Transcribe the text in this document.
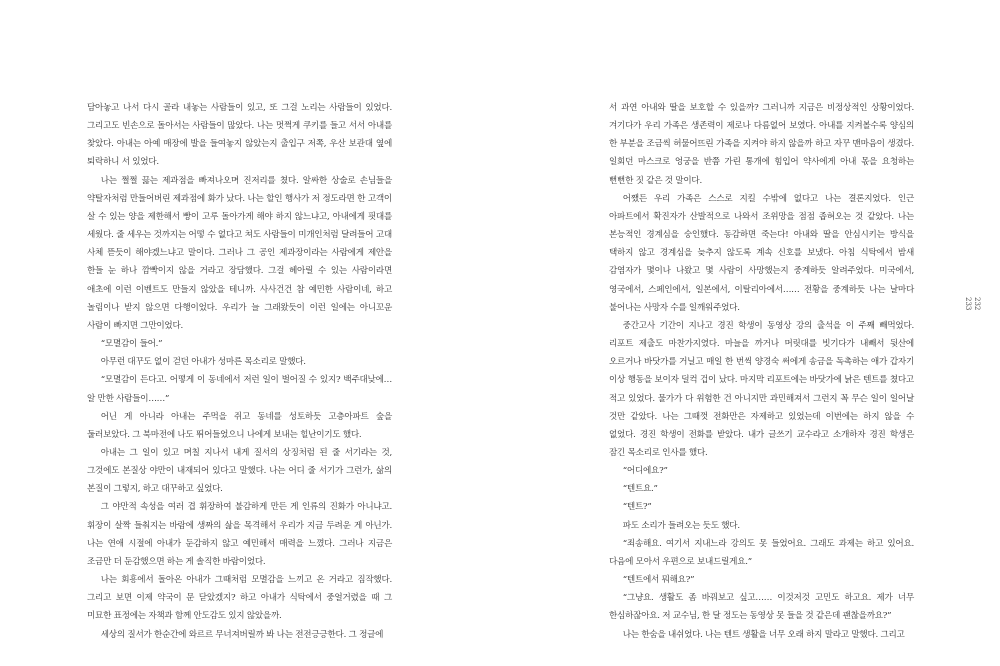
담아놓고 나서 다시 골라 내놓는 사람들이 있고, 또 그걸 노리는 사람들이 있었다. 그리고도 빈손으로 돌아서는 사람들이 많았다. 나는 멋쩍게 쿠키를 들고 서서 아내를 찾았다. 아내는 아예 매장에 발을 들여놓지 않았는지 출입구 저쪽, 우산 보관대 옆에 퇴락하니 서 있었다.

나는 쩔쩔 끓는 제과점을 빠져나오며 진저리를 쳤다. 알싸한 상술로 손님들을 약탈자처럼 만들어버린 제과점에 화가 났다. 나는 할인 행사가 저 정도라면 한 고객이 살 수 있는 양을 제한해서 빵이 고루 돌아가게 해야 하지 않느냐고, 아내에게 핏대를 세웠다. 줄 세우는 것까지는 어떻 수 없다고 쳐도 사람들이 미개인처럼 달려들어 고대 사체 뜯듯이 해야겠느냐고 말이다. 그러나 그 공인 제과장이라는 사람에게 제안을 한들 눈 하나 깜빡이지 않을 거라고 장담했다. 그걸 헤아릴 수 있는 사람이라면 애초에 이런 이벤트도 만들지 않았을 테니까. 사사건건 참 예민한 사람이네, 하고 놀림이나 받지 않으면 다행이었다. 우리가 늘 그래왔듯이 이런 일에는 아니꼬운 사람이 빠지면 그만이었다.

“모멸감이 들어.”

아무런 대꾸도 없이 걷던 아내가 성마른 목소리로 말했다.

“모멸감이 든다고. 어떻게 이 동네에서 저런 일이 벌어질 수 있지? 백주대낮에… 알 만한 사람들이……”

어닌 게 아니라 아내는 주먹을 쥐고 동네를 성토하듯 고층아파트 숲을 둘러보았다. 그 북마전에 나도 뛰어들었으니 나에게 보내는 힐난이기도 했다.

아내는 그 일이 있고 며칠 지나서 내게 질서의 상징처럼 된 줄 서기라는 것, 그것에도 본질상 야만이 내재되어 있다고 말했다. 나는 어디 줄 서기가 그런가, 삶의 본질이 그렇지, 하고 대꾸하고 싶었다.

그 야만적 속성을 여러 겹 휘장하여 불감하게 만든 게 인류의 진화가 아니냐고. 휘장이 살짝 들춰지는 바람에 생짜의 삶을 목격해서 우리가 지금 두려운 게 아닌가. 나는 연애 시절에 아내가 둔감하지 않고 예민해서 매력을 느꼈다. 그러나 지금은 조금만 더 둔감했으면 하는 게 솔직한 바람이었다.

나는 회흥에서 돌아온 아내가 그때처럼 모멸감을 느끼고 온 거라고 짐작했다. 그리고 보면 이제 약국이 문 닫았겠지? 하고 아내가 식탁에서 중얼거렸을 때 그 미묘한 표정에는 자책과 함께 안도감도 있지 않았을까.

세상의 질서가 한순간에 와르르 무너져버릴까 봐 나는 전전긍긍한다. 그 정글에

서 과연 아내와 딸을 보호할 수 있을까? 그러니까 지금은 비정상적인 상황이었다. 겨기다가 우리 가족은 생존력이 제로나 다름없어 보였다. 아내를 지켜볼수록 양심의 한 부분을 조금씩 허물어뜨린 가족을 지켜야 하지 않을까 하고 자꾸 맨마음이 생겼다. 일회던 마스크로 엉궁을 반쯤 가린 통개에 힘입어 약사에게 아내 몫을 요청하는 뻔뻔한 짓 같은 것 말이다.

어쨌든 우리 가족은 스스로 지킬 수밖에 없다고 나는 결론지었다. 인근 아파트에서 확진자가 산발적으로 나와서 조위망을 점점 좁혀오는 것 같았다. 나는 본능적인 경계심을 숭인했다. 동감하면 죽는다! 아내와 딸을 안심시키는 방식을 택하지 않고 경계심을 늦추지 않도록 계속 신호를 보냈다. 아침 식탁에서 밤새 감염자가 몇이나 나왔고 몇 사람이 사망했는지 중계하듯 알려주었다. 미국에서, 영국에서, 스페인에서, 일본에서, 이탈리아에서…… 전황을 중계하듯 나는 날마다 불어나는 사망자 수를 일깨워주었다.

중간고사 기간이 지나고 경진 학생이 동영상 강의 출석을 이 주째 빼먹었다. 리포트 제출도 마찬가지였다. 마늘을 까거나 머릿대를 빗기다가 내빼서 뒷산에 오르거나 바닷가를 거닐고 매일 한 번씩 양경숙 써에게 송금을 독촉하는 애가 갑자기 이상 행동을 보이자 덜컥 겁이 났다. 마지막 리포트에는 바닷가에 낡은 텐트를 쳤다고 적고 있었다. 물가가 다 위험한 건 아니지만 과민해져서 그런지 꼭 무슨 일이 일어날 것만 같았다. 나는 그때껏 전화만은 자제하고 있었는데 이번에는 하지 않을 수 없었다. 경진 학생이 전화를 받았다. 내가 글쓰기 교수라고 소개하자 경진 학생은 잠긴 목소리로 인사를 했다.

“어디에요?”

“텐트요.”

“텐트?”

파도 소리가 들려오는 듯도 했다.

“죄송해요. 여기서 지내느라 강의도 못 들었어요. 그래도 과제는 하고 있어요. 다음에 모아서 우편으로 보내드릴게요.”

“텐트에서 뭐해요?”

“그냥요. 생활도 좀 바꿔보고 싶고…… 이것저것 고민도 하고요. 제가 너무 한심하잖아요. 저 교수님, 한 달 정도는 동영상 못 들을 것 같은데 괜찮을까요?”

나는 한숨을 내쉬었다. 나는 텐트 생활을 너무 오래 하지 말라고 말했다. 그리고

232
233
